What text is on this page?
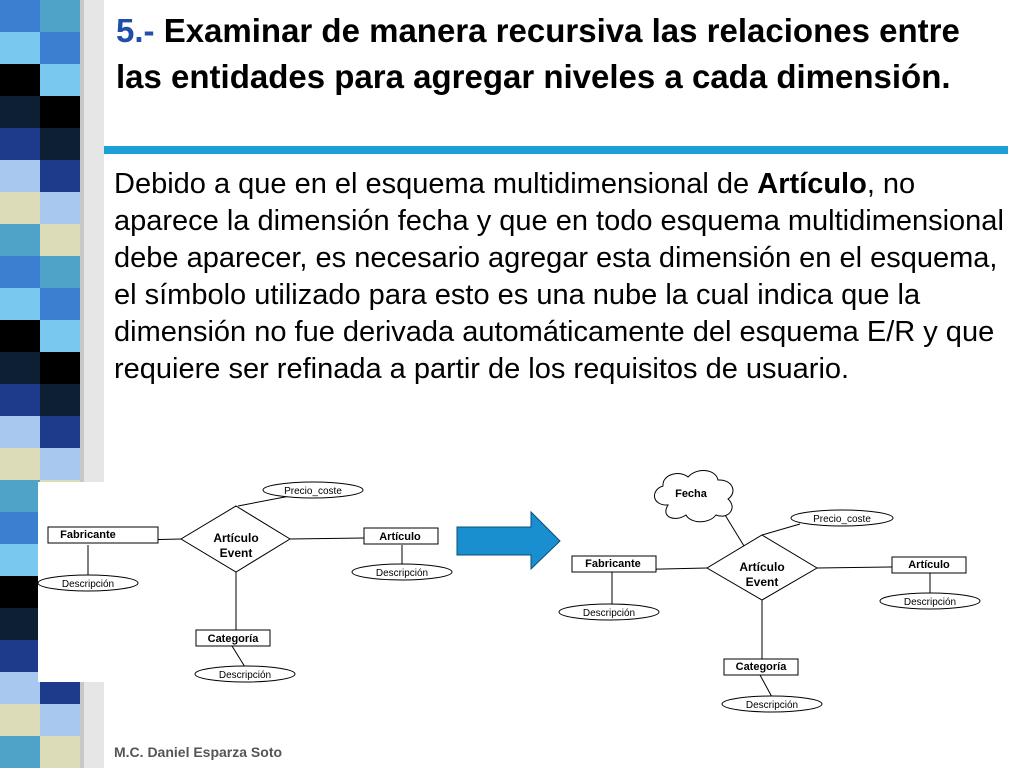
5.- Examinar de manera recursiva las relaciones entre las entidades para agregar niveles a cada dimensión.

Debido a que en el esquema multidimensional de Artículo, no aparece la dimensión fecha y que en todo esquema multidimensional debe aparecer, es necesario agregar esta dimensión en el esquema, el símbolo utilizado para esto es una nube la cual indica que la dimensión no fue derivada automáticamente del esquema E/R y que requiere ser refinada a partir de los requisitos de usuario.

Artículo
Event
Fabricante	Artículo
Categoría
Precio_coste
Descripción
Descripción
Descripción
Artículo
Event
Fecha
Fabricante	Artículo
Categoría
Precio_coste
Descripción
Descripción
Descripción
M.C. Daniel Esparza Soto
